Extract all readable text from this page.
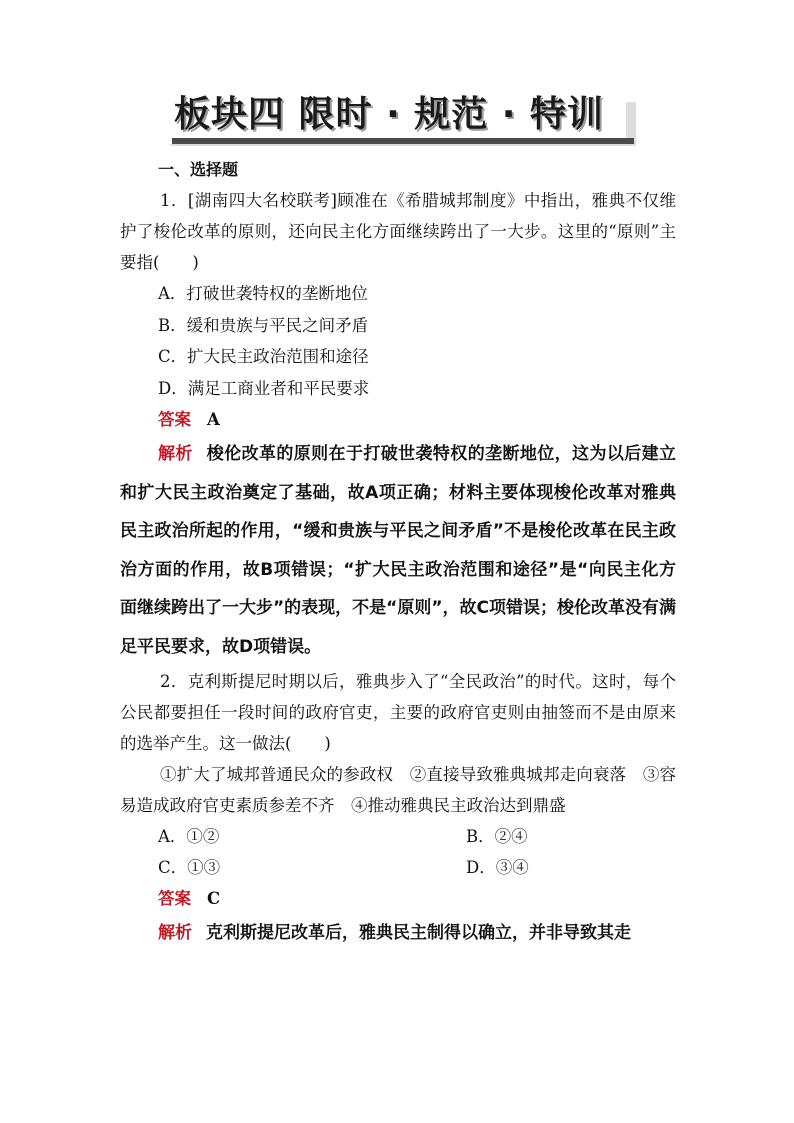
板块四 限时 · 规范 · 特训
一、选择题
1．[湖南四大名校联考]顾准在《希腊城邦制度》中指出，雅典不仅维护了梭伦改革的原则，还向民主化方面继续跨出了一大步。这里的“原则”主要指(　　)
A．打破世袭特权的垄断地位
B．缓和贵族与平民之间矛盾
C．扩大民主政治范围和途径
D．满足工商业者和平民要求
答案 A
解析 梭伦改革的原则在于打破世袭特权的垄断地位，这为以后建立和扩大民主政治奠定了基础，故A项正确；材料主要体现梭伦改革对雅典民主政治所起的作用，“缓和贵族与平民之间矛盾”不是梭伦改革在民主政治方面的作用，故B项错误；“扩大民主政治范围和途径”是“向民主化方面继续跨出了一大步”的表现，不是“原则”，故C项错误；梭伦改革没有满足平民要求，故D项错误。
2．克利斯提尼时期以后，雅典步入了“全民政治”的时代。这时，每个公民都要担任一段时间的政府官吏，主要的政府官吏则由抽签而不是由原来的选举产生。这一做法(　　)
①扩大了城邦普通民众的参政权　②直接导致雅典城邦走向衰落　③容易造成政府官吏素质参差不齐　④推动雅典民主政治达到鼎盛
A．①②	B．②④
C．①③	D．③④
答案 C
解析 克利斯提尼改革后，雅典民主制得以确立，并非导致其走
